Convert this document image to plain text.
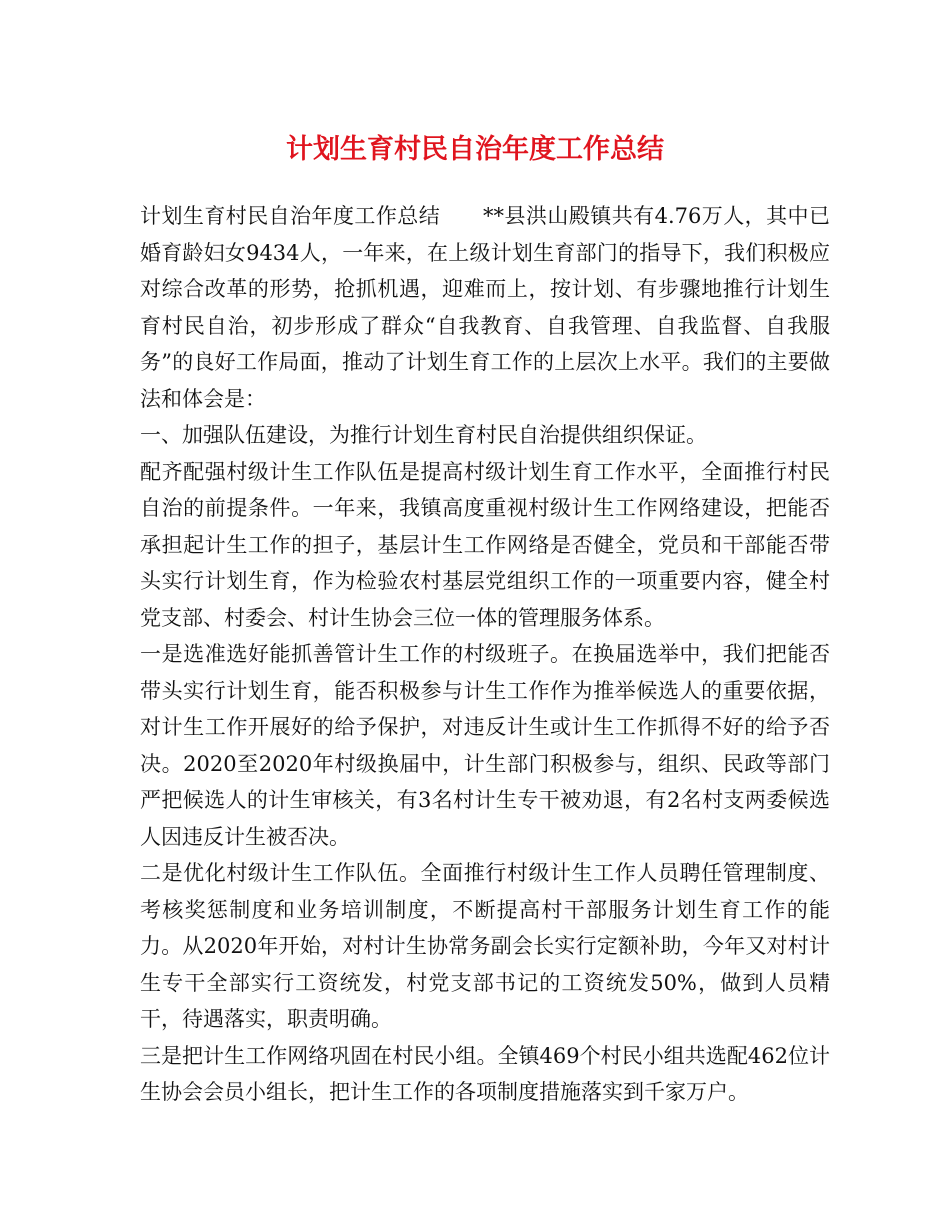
计划生育村民自治年度工作总结

计划生育村民自治年度工作总结　　**县洪山殿镇共有4.76万人，其中已婚育龄妇女9434人，一年来，在上级计划生育部门的指导下，我们积极应对综合改革的形势，抢抓机遇，迎难而上，按计划、有步骤地推行计划生育村民自治，初步形成了群众“自我教育、自我管理、自我监督、自我服务”的良好工作局面，推动了计划生育工作的上层次上水平。我们的主要做法和体会是：

一、加强队伍建设，为推行计划生育村民自治提供组织保证。

配齐配强村级计生工作队伍是提高村级计划生育工作水平，全面推行村民自治的前提条件。一年来，我镇高度重视村级计生工作网络建设，把能否承担起计生工作的担子，基层计生工作网络是否健全，党员和干部能否带头实行计划生育，作为检验农村基层党组织工作的一项重要内容，健全村党支部、村委会、村计生协会三位一体的管理服务体系。

一是选准选好能抓善管计生工作的村级班子。在换届选举中，我们把能否带头实行计划生育，能否积极参与计生工作作为推举候选人的重要依据，对计生工作开展好的给予保护，对违反计生或计生工作抓得不好的给予否决。2020至2020年村级换届中，计生部门积极参与，组织、民政等部门严把候选人的计生审核关，有3名村计生专干被劝退，有2名村支两委候选人因违反计生被否决。

二是优化村级计生工作队伍。全面推行村级计生工作人员聘任管理制度、考核奖惩制度和业务培训制度，不断提高村干部服务计划生育工作的能力。从2020年开始，对村计生协常务副会长实行定额补助，今年又对村计生专干全部实行工资统发，村党支部书记的工资统发50%，做到人员精干，待遇落实，职责明确。

三是把计生工作网络巩固在村民小组。全镇469个村民小组共选配462位计生协会会员小组长，把计生工作的各项制度措施落实到千家万户。
